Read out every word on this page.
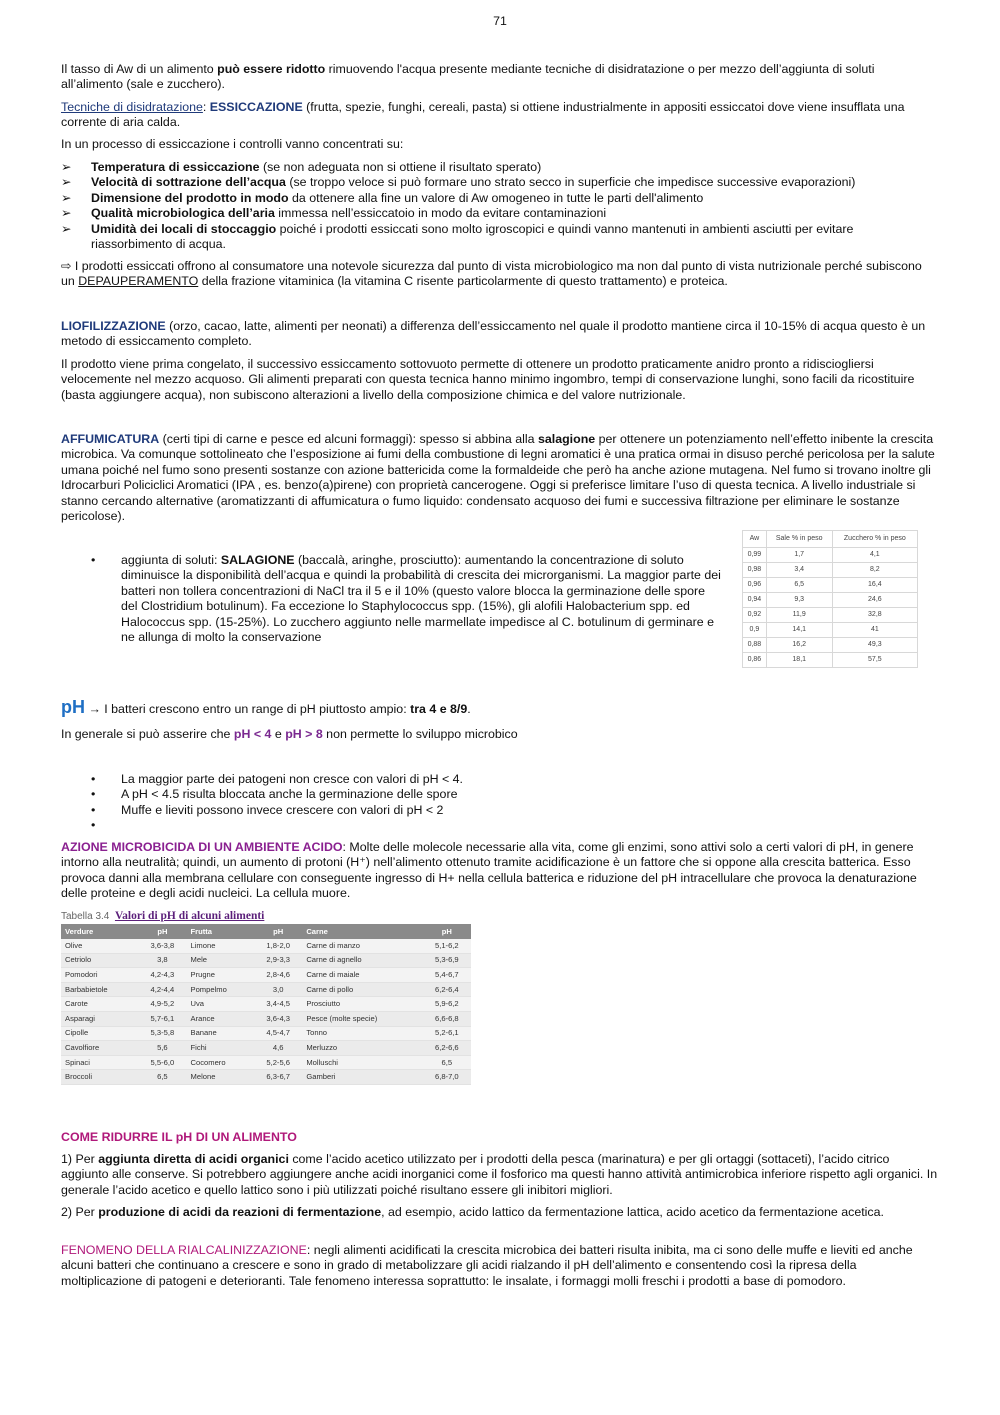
71

Il tasso di Aw di un alimento può essere ridotto rimuovendo l'acqua presente mediante tecniche di disidratazione o per mezzo dell’aggiunta di soluti all’alimento (sale e zucchero).

Tecniche di disidratazione: ESSICCAZIONE (frutta, spezie, funghi, cereali, pasta) si ottiene industrialmente in appositi essiccatoi dove viene insufflata una corrente di aria calda.

In un processo di essiccazione i controlli vanno concentrati su:

➢ Temperatura di essiccazione (se non adeguata non si ottiene il risultato sperato)
➢ Velocità di sottrazione dell’acqua (se troppo veloce si può formare uno strato secco in superficie che impedisce successive evaporazioni)
➢ Dimensione del prodotto in modo da ottenere alla fine un valore di Aw omogeneo in tutte le parti dell'alimento
➢ Qualità microbiologica dell’aria immessa nell’essiccatoio in modo da evitare contaminazioni
➢ Umidità dei locali di stoccaggio poiché i prodotti essiccati sono molto igroscopici e quindi vanno mantenuti in ambienti asciutti per evitare riassorbimento di acqua.

⇨ I prodotti essiccati offrono al consumatore una notevole sicurezza dal punto di vista microbiologico ma non dal punto di vista nutrizionale perché subiscono un DEPAUPERAMENTO della frazione vitaminica (la vitamina C risente particolarmente di questo trattamento) e proteica.

LIOFILIZZAZIONE (orzo, cacao, latte, alimenti per neonati) a differenza dell’essiccamento nel quale il prodotto mantiene circa il 10-15% di acqua questo è un metodo di essiccamento completo.

Il prodotto viene prima congelato, il successivo essiccamento sottovuoto permette di ottenere un prodotto praticamente anidro pronto a ridisciogliersi velocemente nel mezzo acquoso. Gli alimenti preparati con questa tecnica hanno minimo ingombro, tempi di conservazione lunghi, sono facili da ricostituire (basta aggiungere acqua), non subiscono alterazioni a livello della composizione chimica e del valore nutrizionale.

AFFUMICATURA (certi tipi di carne e pesce ed alcuni formaggi): spesso si abbina alla salagione per ottenere un potenziamento nell’effetto inibente la crescita microbica. Va comunque sottolineato che l’esposizione ai fumi della combustione di legni aromatici è una pratica ormai in disuso perché pericolosa per la salute umana poiché nel fumo sono presenti sostanze con azione battericida come la formaldeide che però ha anche azione mutagena. Nel fumo si trovano inoltre gli Idrocarburi Policiclici Aromatici (IPA , es. benzo(a)pirene) con proprietà cancerogene. Oggi si preferisce limitare l’uso di questa tecnica. A livello industriale si stanno cercando alternative (aromatizzanti di affumicatura o fumo liquido: condensato acquoso dei fumi e successiva filtrazione per eliminare le sostanze pericolose).

•	aggiunta di soluti: SALAGIONE (baccalà, aringhe, prosciutto): aumentando la concentrazione di soluto diminuisce la disponibilità dell’acqua e quindi la probabilità di crescita dei microrganismi. La maggior parte dei batteri non tollera concentrazioni di NaCl tra il 5 e il 10% (questo valore blocca la germinazione delle spore del Clostridium botulinum). Fa eccezione lo Staphylococcus spp. (15%), gli alofili Halobacterium spp. ed Halococcus spp. (15-25%). Lo zucchero aggiunto nelle marmellate impedisce al C. botulinum di germinare e ne allunga di molto la conservazione

Aw	Sale % in peso	Zucchero % in peso
0,99	1,7	4,1
0,98	3,4	8,2
0,96	6,5	16,4
0,94	9,3	24,6
0,92	11,9	32,8
0,9	14,1	41
0,88	16,2	49,3
0,86	18,1	57,5

pH → I batteri crescono entro un range di pH piuttosto ampio: tra 4 e 8/9.

In generale si può asserire che pH < 4 e pH > 8 non permette lo sviluppo microbico

• La maggior parte dei patogeni non cresce con valori di pH < 4.
• A pH < 4.5 risulta bloccata anche la germinazione delle spore
• Muffe e lieviti possono invece crescere con valori di pH < 2
•

AZIONE MICROBICIDA DI UN AMBIENTE ACIDO: Molte delle molecole necessarie alla vita, come gli enzimi, sono attivi solo a certi valori di pH, in genere intorno alla neutralità; quindi, un aumento di protoni (H⁺) nell’alimento ottenuto tramite acidificazione è un fattore che si oppone alla crescita batterica. Esso provoca danni alla membrana cellulare con conseguente ingresso di H+ nella cellula batterica e riduzione del pH intracellulare che provoca la denaturazione delle proteine e degli acidi nucleici. La cellula muore.

Tabella 3.4 Valori di pH di alcuni alimenti
Verdure	pH	Frutta	pH	Carne	pH
Olive	3,6-3,8	Limone	1,8-2,0	Carne di manzo	5,1-6,2
Cetriolo	3,8	Mele	2,9-3,3	Carne di agnello	5,3-6,9
Pomodori	4,2-4,3	Prugne	2,8-4,6	Carne di maiale	5,4-6,7
Barbabietole	4,2-4,4	Pompelmo	3,0	Carne di pollo	6,2-6,4
Carote	4,9-5,2	Uva	3,4-4,5	Prosciutto	5,9-6,2
Asparagi	5,7-6,1	Arance	3,6-4,3	Pesce (molte specie)	6,6-6,8
Cipolle	5,3-5,8	Banane	4,5-4,7	Tonno	5,2-6,1
Cavolfiore	5,6	Fichi	4,6	Merluzzo	6,2-6,6
Spinaci	5,5-6,0	Cocomero	5,2-5,6	Molluschi	6,5
Broccoli	6,5	Melone	6,3-6,7	Gamberi	6,8-7,0

COME RIDURRE IL pH DI UN ALIMENTO

1) Per aggiunta diretta di acidi organici come l’acido acetico utilizzato per i prodotti della pesca (marinatura) e per gli ortaggi (sottaceti), l’acido citrico aggiunto alle conserve. Si potrebbero aggiungere anche acidi inorganici come il fosforico ma questi hanno attività antimicrobica inferiore rispetto agli organici. In generale l’acido acetico e quello lattico sono i più utilizzati poiché risultano essere gli inibitori migliori.

2) Per produzione di acidi da reazioni di fermentazione, ad esempio, acido lattico da fermentazione lattica, acido acetico da fermentazione acetica.

FENOMENO DELLA RIALCALINIZZAZIONE: negli alimenti acidificati la crescita microbica dei batteri risulta inibita, ma ci sono delle muffe e lieviti ed anche alcuni batteri che continuano a crescere e sono in grado di metabolizzare gli acidi rialzando il pH dell’alimento e consentendo così la ripresa della moltiplicazione di patogeni e deterioranti. Tale fenomeno interessa soprattutto: le insalate, i formaggi molli freschi i prodotti a base di pomodoro.
